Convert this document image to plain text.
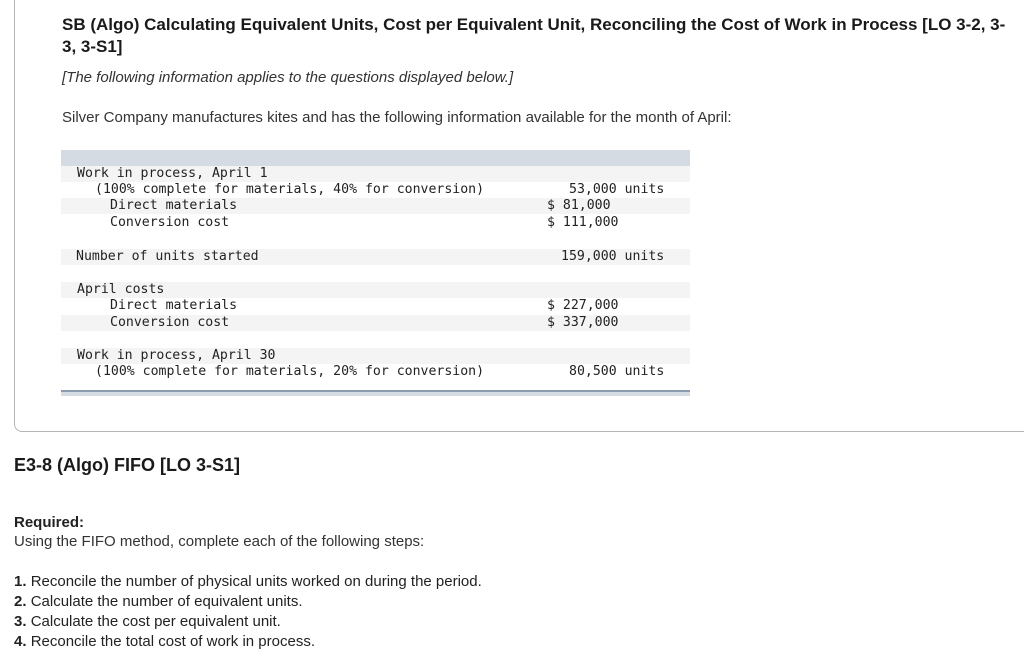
SB (Algo) Calculating Equivalent Units, Cost per Equivalent Unit, Reconciling the Cost of Work in Process [LO 3-2, 3-3, 3-S1]

[The following information applies to the questions displayed below.]

Silver Company manufactures kites and has the following information available for the month of April:

Work in process, April 1
(100% complete for materials, 40% for conversion)	53,000 units
Direct materials	$ 81,000
Conversion cost	$ 111,000
Number of units started	159,000 units
April costs
Direct materials	$ 227,000
Conversion cost	$ 337,000
Work in process, April 30
(100% complete for materials, 20% for conversion)	80,500 units
E3-8 (Algo) FIFO [LO 3-S1]
Required:
Using the FIFO method, complete each of the following steps:
1. Reconcile the number of physical units worked on during the period.
2. Calculate the number of equivalent units.
3. Calculate the cost per equivalent unit.
4. Reconcile the total cost of work in process.
